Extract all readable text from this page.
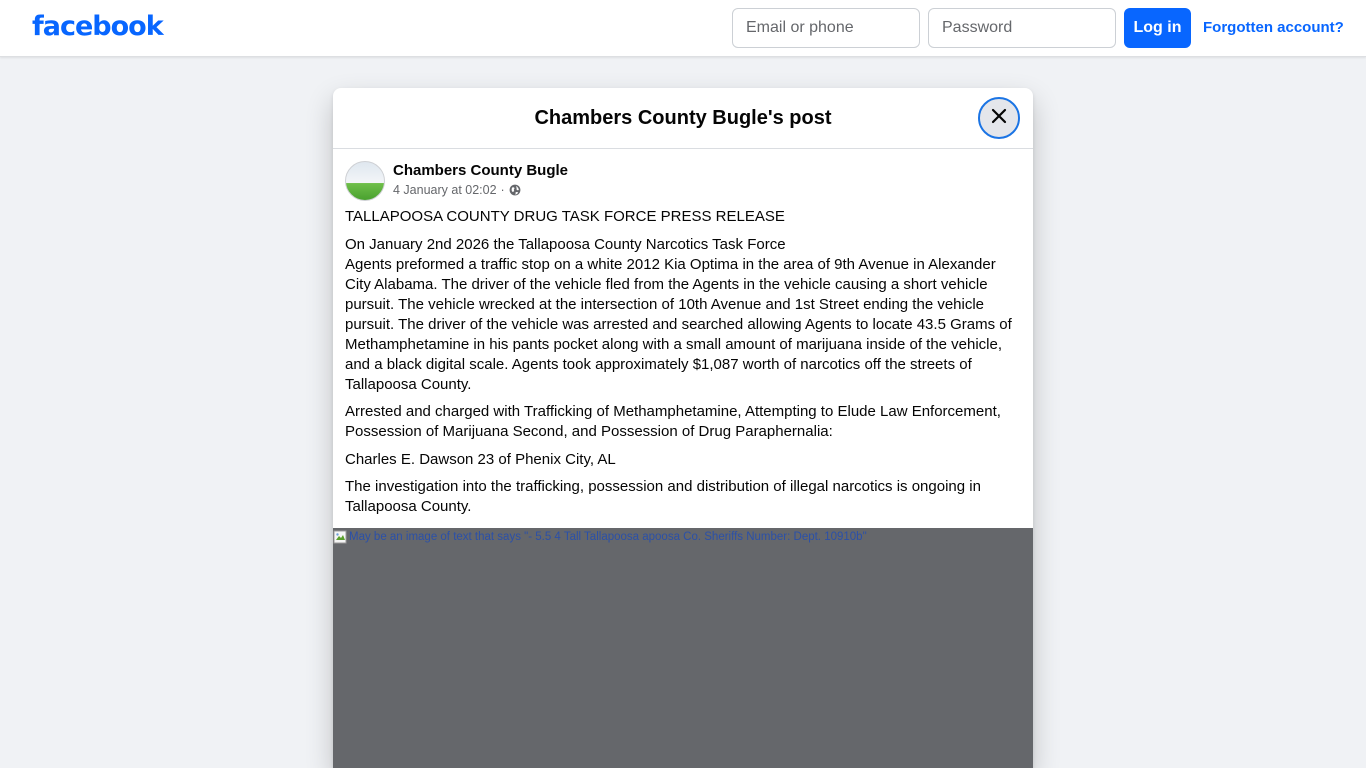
facebook
Email or phone	Log in	Forgotten account?
Chambers County Bugle's post
Chambers County Bugle
4 January at 02:02 ·

TALLAPOOSA COUNTY DRUG TASK FORCE PRESS RELEASE

On January 2nd 2026 the Tallapoosa County Narcotics Task Force

Agents preformed a traffic stop on a white 2012 Kia Optima in the area of 9th Avenue in Alexander City Alabama. The driver of the vehicle fled from the Agents in the vehicle causing a short vehicle pursuit. The vehicle wrecked at the intersection of 10th Avenue and 1st Street ending the vehicle pursuit. The driver of the vehicle was arrested and searched allowing Agents to locate 43.5 Grams of Methamphetamine in his pants pocket along with a small amount of marijuana inside of the vehicle, and a black digital scale. Agents took approximately $1,087 worth of narcotics off the streets of Tallapoosa County.

Arrested and charged with Trafficking of Methamphetamine, Attempting to Elude Law Enforcement, Possession of Marijuana Second, and Possession of Drug Paraphernalia:

Charles E. Dawson 23 of Phenix City, AL

The investigation into the trafficking, possession and distribution of illegal narcotics is ongoing in Tallapoosa County.

May be an image of text that says "- 5.5 4 Tall Tallapoosa apoosa Co. Sheriffs Number: Dept. 10910b"
